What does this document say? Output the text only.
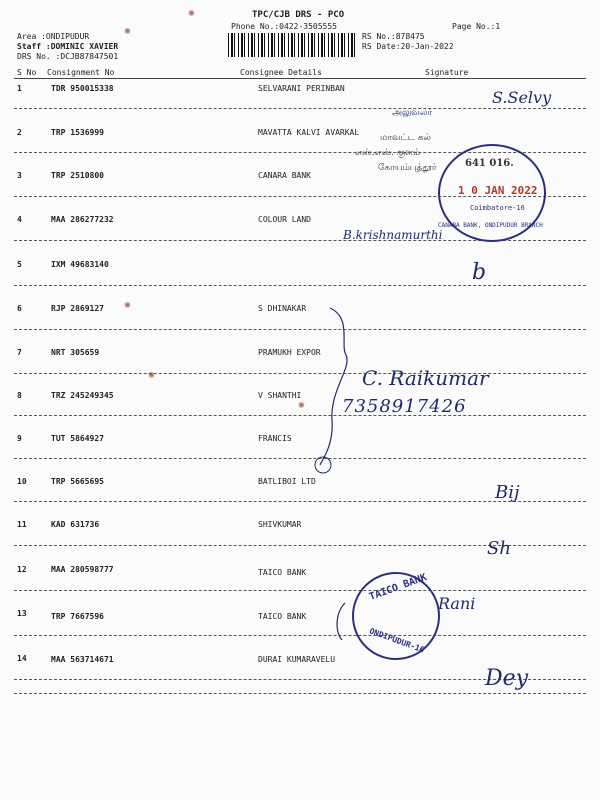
TPC/CJB DRS - PCO
Phone No.:0422-3505555	Page No.:1
Area :ONDIPUDUR
Staff :DOMINIC XAVIER
DRS No. :DCJB87847501
RS No.:878475
RS Date:20-Jan-2022
S No Consignment No	Consignee Details	Signature
1	TDR 950015338	SELVARANI PERINBAN
2	TRP 1536999	MAVATTA KALVI AVARKAL
3	TRP 2510800	CANARA BANK
4	MAA 286277232	COLOUR LAND
5	IXM 49683140
6	RJP 2869127	S DHINAKAR
7	NRT 305659	PRAMUKH EXPOR
8	TRZ 245249345	V SHANTHI
9	TUT 5864927	FRANCIS
10	TRP 5665695	BATLIBOI LTD
11	KAD 631736	SHIVKUMAR
12	MAA 280598777	TAICO BANK
13	TRP 7667596	TAICO BANK
14	MAA 563714671	DURAI KUMARAVELU
S.Selvy
அலுவலர்
மாவட்ட கல்
எஸ்.எஸ். குளம்
கோயம்புத்தூர்	641 016.
B.krishnamurthi
b
C. Raikumar
7358917426
Bij
Sh
Rani
Dey
1 0 JAN 2022
Coimbatore-16
CANARA BANK, ONDIPUDUR BRANCH
TAICO BANK
ONDIPUDUR-16
✺
✺
✺
✺
✺
